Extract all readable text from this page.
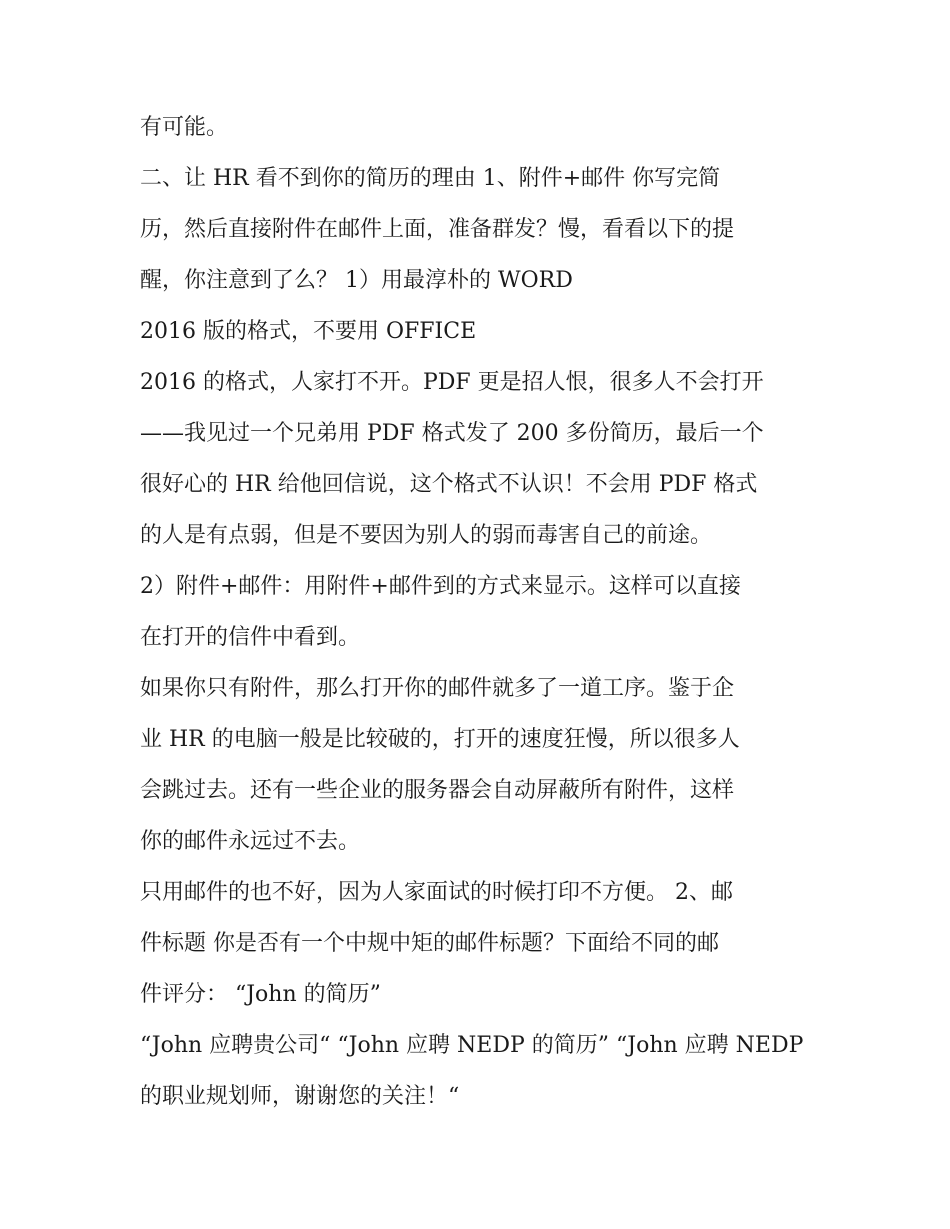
有可能。

二、让 HR 看不到你的简历的理由 1、附件+邮件 你写完简

历，然后直接附件在邮件上面，准备群发？慢，看看以下的提

醒，你注意到了么？ 1）用最淳朴的 WORD

2016 版的格式，不要用 OFFICE

2016 的格式，人家打不开。PDF 更是招人恨，很多人不会打开

——我见过一个兄弟用 PDF 格式发了 200 多份简历，最后一个

很好心的 HR 给他回信说，这个格式不认识！不会用 PDF 格式

的人是有点弱，但是不要因为别人的弱而毒害自己的前途。

2）附件+邮件：用附件+邮件到的方式来显示。这样可以直接

在打开的信件中看到。

如果你只有附件，那么打开你的邮件就多了一道工序。鉴于企

业 HR 的电脑一般是比较破的，打开的速度狂慢，所以很多人

会跳过去。还有一些企业的服务器会自动屏蔽所有附件，这样

你的邮件永远过不去。

只用邮件的也不好，因为人家面试的时候打印不方便。 2、邮

件标题 你是否有一个中规中矩的邮件标题？下面给不同的邮

件评分： “John 的简历”

“John 应聘贵公司“ “John 应聘 NEDP 的简历” “John 应聘 NEDP

的职业规划师，谢谢您的关注！“
